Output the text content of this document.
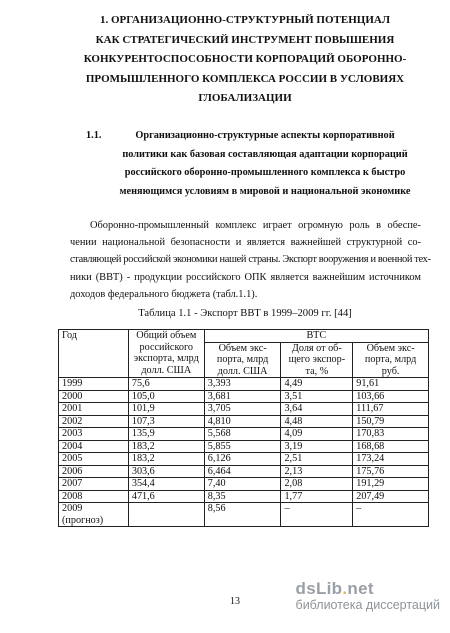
1. ОРГАНИЗАЦИОННО-СТРУКТУРНЫЙ ПОТЕНЦИАЛ
КАК СТРАТЕГИЧЕСКИЙ ИНСТРУМЕНТ ПОВЫШЕНИЯ
КОНКУРЕНТОСПОСОБНОСТИ КОРПОРАЦИЙ ОБОРОННО-
ПРОМЫШЛЕННОГО КОМПЛЕКСА РОССИИ В УСЛОВИЯХ
ГЛОБАЛИЗАЦИИ
1.1.	Организационно-структурные аспекты корпоративной
политики как базовая составляющая адаптации корпораций
российского оборонно-промышленного комплекса к быстро
меняющимся условиям в мировой и национальной экономике
Оборонно-промышленный комплекс играет огромную роль в обеспе-
чении национальной безопасности и является важнейшей структурной со-
ставляющей российской экономики нашей страны. Экспорт вооружения и военной тех-
ники (ВВТ) - продукции российского ОПК является важнейшим источником
доходов федерального бюджета (табл.1.1).
Таблица 1.1 - Экспорт ВВТ в 1999–2009 гг. [44]
Год	Общий объем российского экспорта, млрд долл. США	ВТС		
		Объем экс-порта, млрд долл. США	Доля от об-щего экспор-та, %	Объем экс-порта, млрд руб.
1999	75,6	3,393	4,49	91,61
2000	105,0	3,681	3,51	103,66
2001	101,9	3,705	3,64	111,67
2002	107,3	4,810	4,48	150,79
2003	135,9	5,568	4,09	170,83
2004	183,2	5,855	3,19	168,68
2005	183,2	6,126	2,51	173,24
2006	303,6	6,464	2,13	175,76
2007	354,4	7,40	2,08	191,29
2008	471,6	8,35	1,77	207,49

2009
(прогноз)		8,56	–	–
13
dsLib.net
библиотека диссертаций
